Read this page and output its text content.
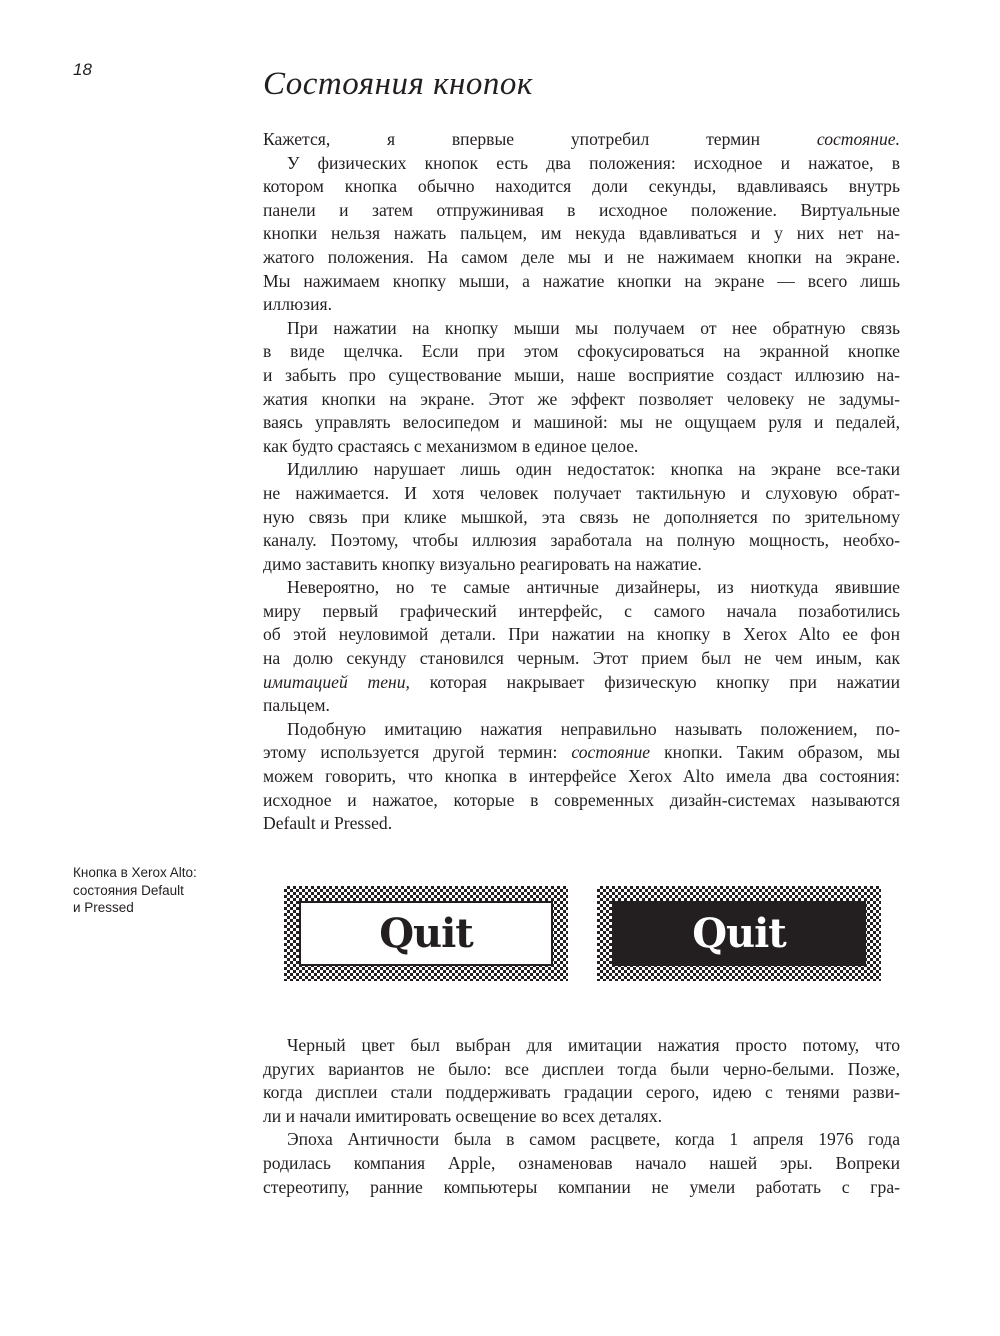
18	Состояния кнопок
Кажется, я впервые употребил термин состояние.
У физических кнопок есть два положения: исходное и нажатое, в
котором кнопка обычно находится доли секунды, вдавливаясь внутрь
панели и затем отпружинивая в исходное положение. Виртуальные
кнопки нельзя нажать пальцем, им некуда вдавливаться и у них нет на-
жатого положения. На самом деле мы и не нажимаем кнопки на экране.
Мы нажимаем кнопку мыши, а нажатие кнопки на экране — всего лишь
иллюзия.
При нажатии на кнопку мыши мы получаем от нее обратную связь
в виде щелчка. Если при этом сфокусироваться на экранной кнопке
и забыть про существование мыши, наше восприятие создаст иллюзию на-
жатия кнопки на экране. Этот же эффект позволяет человеку не задумы-
ваясь управлять велосипедом и машиной: мы не ощущаем руля и педалей,
как будто срастаясь с механизмом в единое целое.
Идиллию нарушает лишь один недостаток: кнопка на экране все-таки
не нажимается. И хотя человек получает тактильную и слуховую обрат-
ную связь при клике мышкой, эта связь не дополняется по зрительному
каналу. Поэтому, чтобы иллюзия заработала на полную мощность, необхо-
димо заставить кнопку визуально реагировать на нажатие.
Невероятно, но те самые античные дизайнеры, из ниоткуда явившие
миру первый графический интерфейс, с самого начала позаботились
об этой неуловимой детали. При нажатии на кнопку в Xerox Alto ее фон
на долю секунду становился черным. Этот прием был не чем иным, как
имитацией тени, которая накрывает физическую кнопку при нажатии
пальцем.
Подобную имитацию нажатия неправильно называть положением, по-
этому используется другой термин: состояние кнопки. Таким образом, мы
можем говорить, что кнопка в интерфейсе Xerox Alto имела два состояния:
исходное и нажатое, которые в современных дизайн-системах называются
Default и Pressed.
Кнопка в Xerox Alto:
состояния Default
и Pressed
Quit	Quit
Черный цвет был выбран для имитации нажатия просто потому, что
других вариантов не было: все дисплеи тогда были черно-белыми. Позже,
когда дисплеи стали поддерживать градации серого, идею с тенями разви-
ли и начали имитировать освещение во всех деталях.
Эпоха Античности была в самом расцвете, когда 1 апреля 1976 года
родилась компания Apple, ознаменовав начало нашей эры. Вопреки
стереотипу, ранние компьютеры компании не умели работать с гра-
